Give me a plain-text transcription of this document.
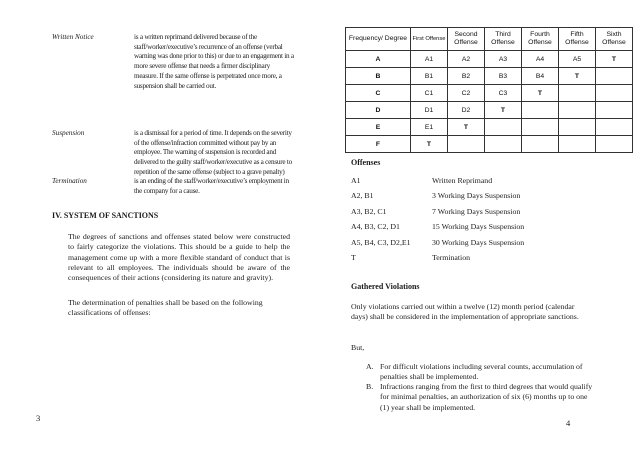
Written Notice	is a written reprimand delivered because of the staff/worker/executive’s recurrence of an offense (verbal warning was done prior to this) or due to an engagement in a more severe offense that needs a firmer disciplinary measure. If the same offense is perpetrated once more, a suspension shall be carried out.
Suspension	is a dismissal for a period of time. It depends on the severity of the offense/infraction committed without pay by an employee. The warning of suspension is recorded and delivered to the guilty staff/worker/executive as a censure to repetition of the same offense (subject to a grave penalty)
Termination	is an ending of the staff/worker/executive’s employment in the company for a cause.
IV. SYSTEM OF SANCTIONS
The degrees of sanctions and offenses stated below were constructed to fairly categorize the violations. This should be a guide to help the management come up with a more flexible standard of conduct that is relevant to all employees. The individuals should be aware of the consequences of their actions (considering its nature and gravity).
The determination of penalties shall be based on the following classifications of offenses:
3
Frequency/ Degree	First Offense	Second Offense	Third Offense	Fourth Offense	Fifth Offense	Sixth Offense
A	A1	A2	A3	A4	A5	T
B	B1	B2	B3	B4	T	
C	C1	C2	C3	T		
D	D1	D2	T			
E	E1	T				
F	T					
Offenses
A1	Written Reprimand
A2, B1	3 Working Days Suspension
A3, B2, C1	7 Working Days Suspension
A4, B3, C2, D1	15 Working Days Suspension
A5, B4, C3, D2,E1	30 Working Days Suspension
T	Termination
Gathered Violations
Only violations carried out within a twelve (12) month period (calendar days) shall be considered in the implementation of appropriate sanctions.
But,
A. For difficult violations including several counts, accumulation of penalties shall be implemented.
B. Infractions ranging from the first to third degrees that would qualify for minimal penalties, an authorization of six (6) months up to one (1) year shall be implemented.
4
